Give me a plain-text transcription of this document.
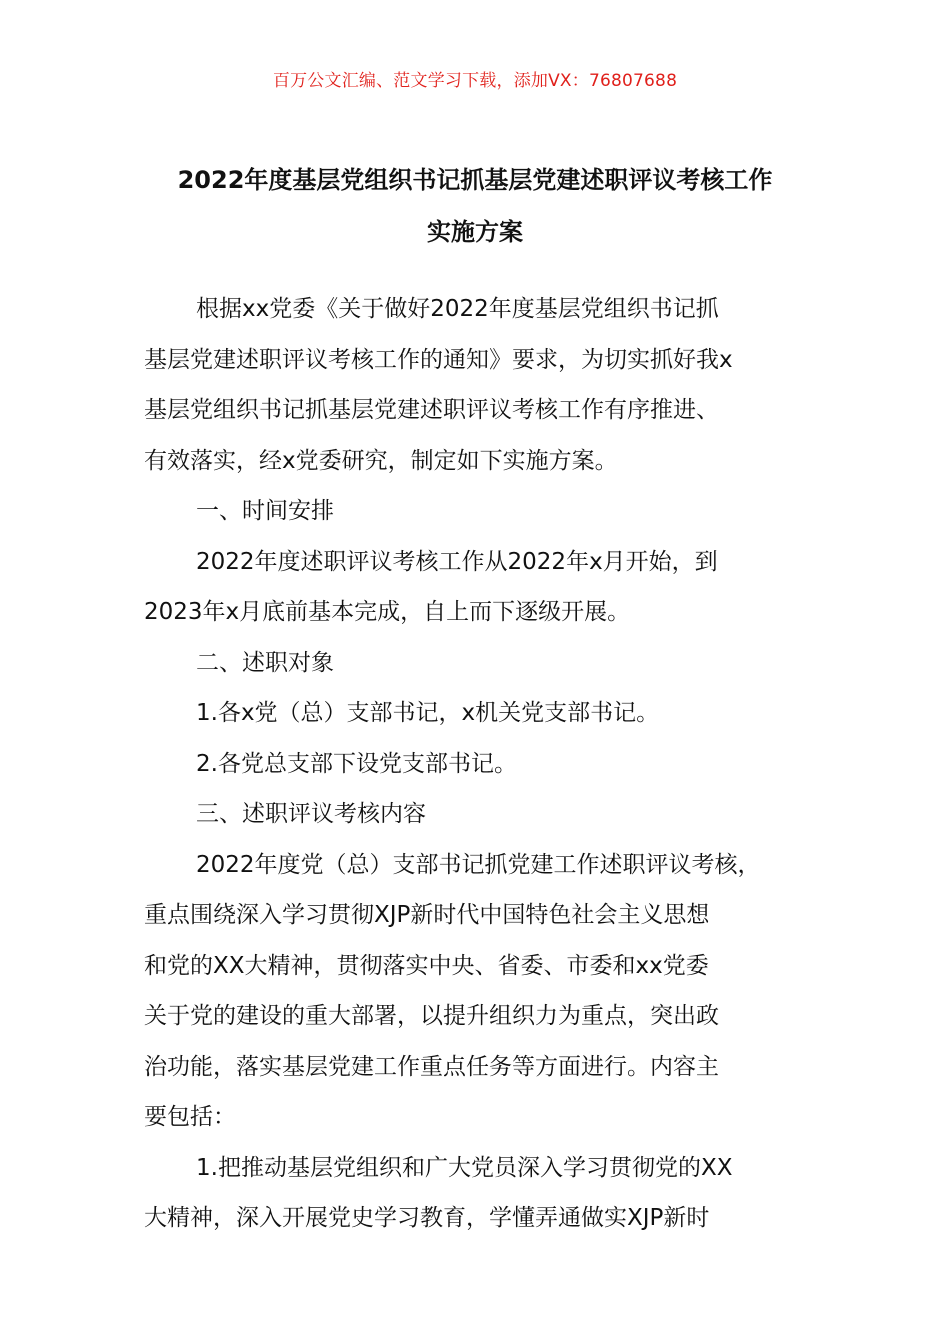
百万公文汇编、范文学习下载，添加VX：76807688
2022年度基层党组织书记抓基层党建述职评议考核工作
实施方案
根据xx党委《关于做好2022年度基层党组织书记抓
基层党建述职评议考核工作的通知》要求，为切实抓好我x
基层党组织书记抓基层党建述职评议考核工作有序推进、
有效落实，经x党委研究，制定如下实施方案。
一、时间安排
2022年度述职评议考核工作从2022年x月开始，到
2023年x月底前基本完成，自上而下逐级开展。
二、述职对象
1.各x党（总）支部书记，x机关党支部书记。
2.各党总支部下设党支部书记。
三、述职评议考核内容
2022年度党（总）支部书记抓党建工作述职评议考核，
重点围绕深入学习贯彻XJP新时代中国特色社会主义思想
和党的XX大精神，贯彻落实中央、省委、市委和xx党委
关于党的建设的重大部署，以提升组织力为重点，突出政
治功能，落实基层党建工作重点任务等方面进行。内容主
要包括：
1.把推动基层党组织和广大党员深入学习贯彻党的XX
大精神，深入开展党史学习教育，学懂弄通做实XJP新时
